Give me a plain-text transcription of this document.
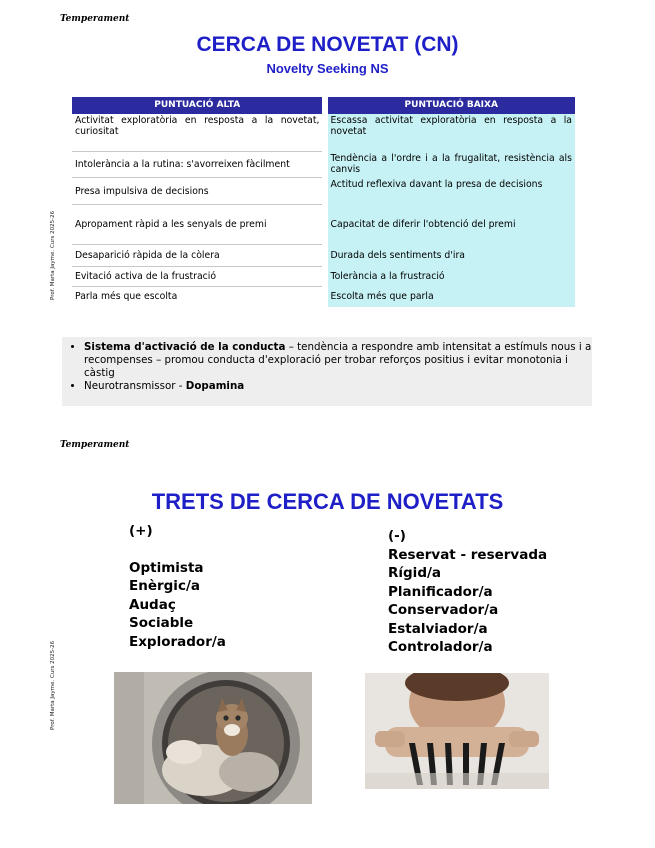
Temperament
CERCA DE NOVETAT (CN)
Novelty Seeking NS
Prof. Marta Jayme. Curs 2025-26
PUNTUACIÓ ALTA		PUNTUACIÓ BAIXA
Activitat exploratòria en resposta a la novetat, curiositat		Escassa activitat exploratòria en resposta a la novetat
Intolerància a la rutina: s'avorreixen fàcilment		Tendència a l'ordre i a la frugalitat, resistència als canvis
Presa impulsiva de decisions		Actitud reflexiva davant la presa de decisions
Apropament ràpid a les senyals de premi		Capacitat de diferir l'obtenció del premi
Desaparició ràpida de la còlera		Durada dels sentiments d'ira
Evitació activa de la frustració		Tolerància a la frustració
Parla més que escolta		Escolta més que parla
• Sistema d'activació de la conducta – tendència a respondre amb intensitat a estímuls nous i a recompenses – promou conducta d'exploració per trobar reforços positius i evitar monotonia i càstig
• Neurotransmissor - Dopamina
Temperament
TRETS DE CERCA DE NOVETATS
Prof. Marta Jayme. Curs 2025-26
(+)
Optimista
Enèrgic/a
Audaç
Sociable
Explorador/a
(-)
Reservat - reservada
Rígid/a
Planificador/a
Conservador/a
Estalviador/a
Controlador/a
